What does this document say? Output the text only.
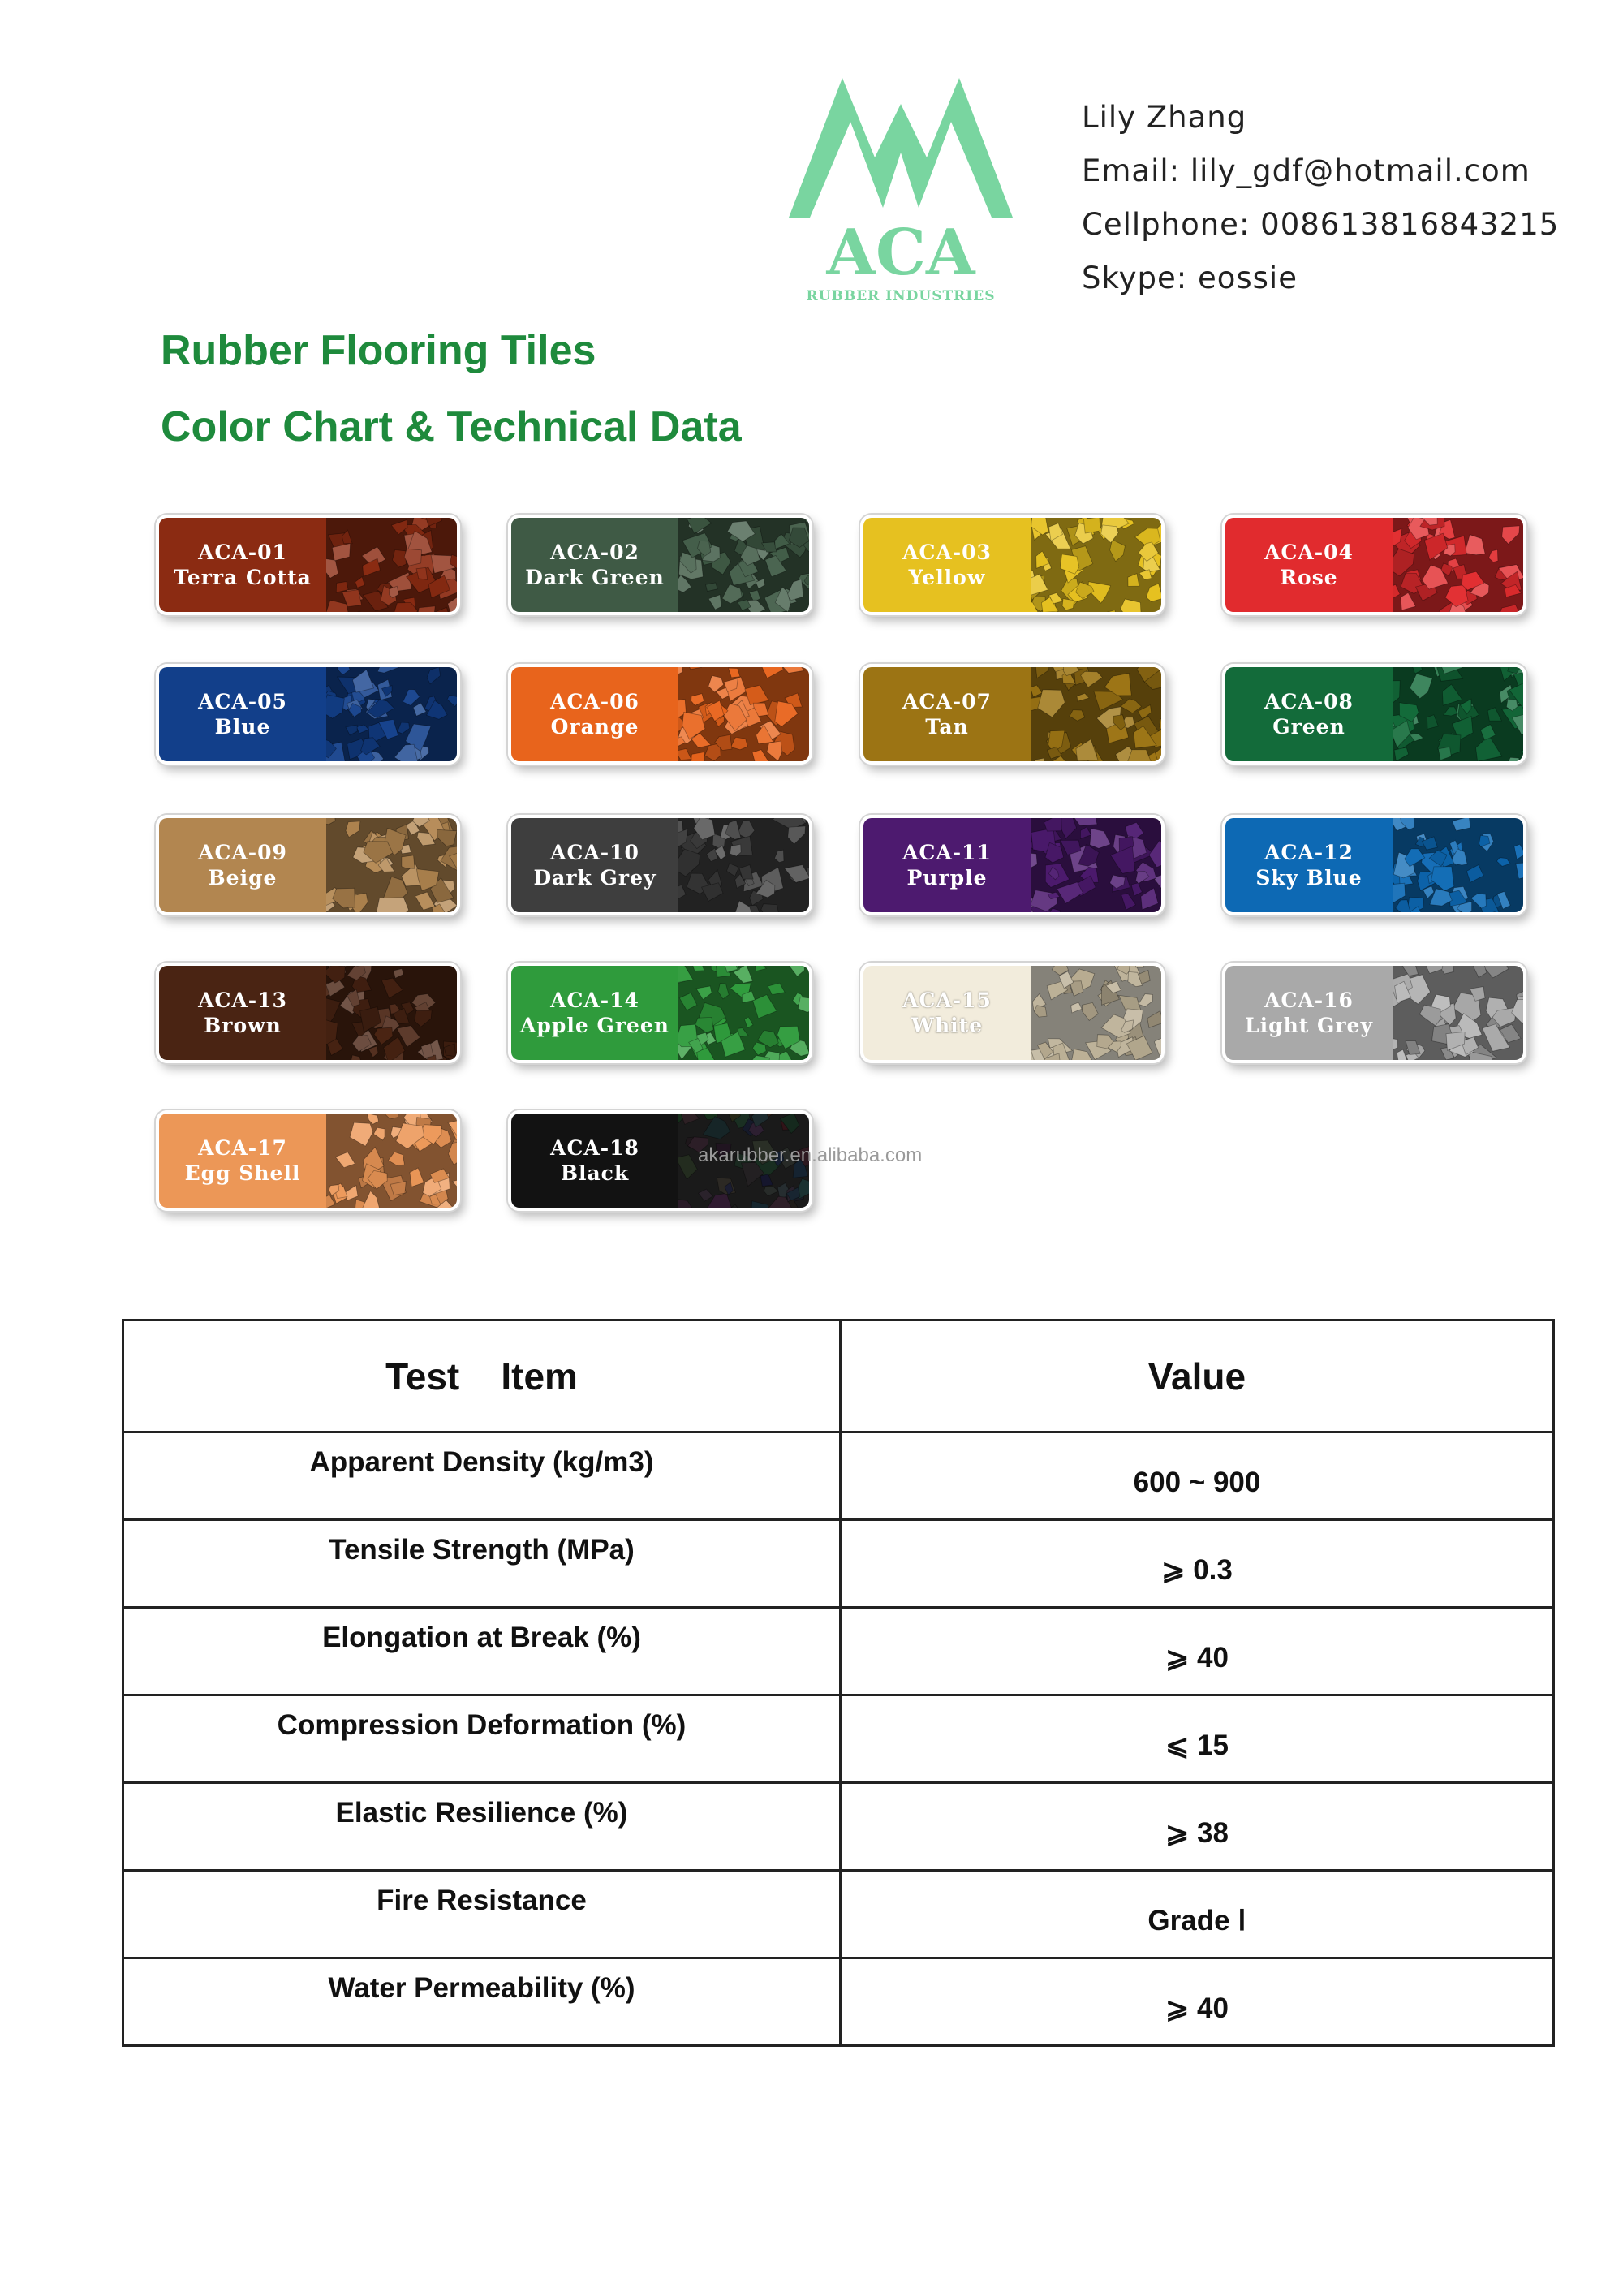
ACA
RUBBER INDUSTRIES
Lily Zhang
Email: lily_gdf@hotmail.com
Cellphone: 008613816843215
Skype: eossie
Rubber Flooring Tiles
Color Chart & Technical Data
ACA-01
Terra Cotta
ACA-02
Dark Green
ACA-03
Yellow
ACA-04
Rose
ACA-05
Blue
ACA-06
Orange
ACA-07
Tan
ACA-08
Green
ACA-09
Beige
ACA-10
Dark Grey
ACA-11
Purple
ACA-12
Sky Blue
ACA-13
Brown
ACA-14
Apple Green
ACA-15
White
ACA-16
Light Grey
ACA-17
Egg Shell
ACA-18
Black
akarubber.en.alibaba.com
Test    Item	Value
Apparent Density (kg/m3)	600 ~ 900
Tensile Strength (MPa)	⩾ 0.3
Elongation at Break (%)	⩾ 40
Compression Deformation (%)	⩽ 15
Elastic Resilience (%)	⩾ 38
Fire Resistance	Grade Ⅰ
Water Permeability (%)	⩾ 40
